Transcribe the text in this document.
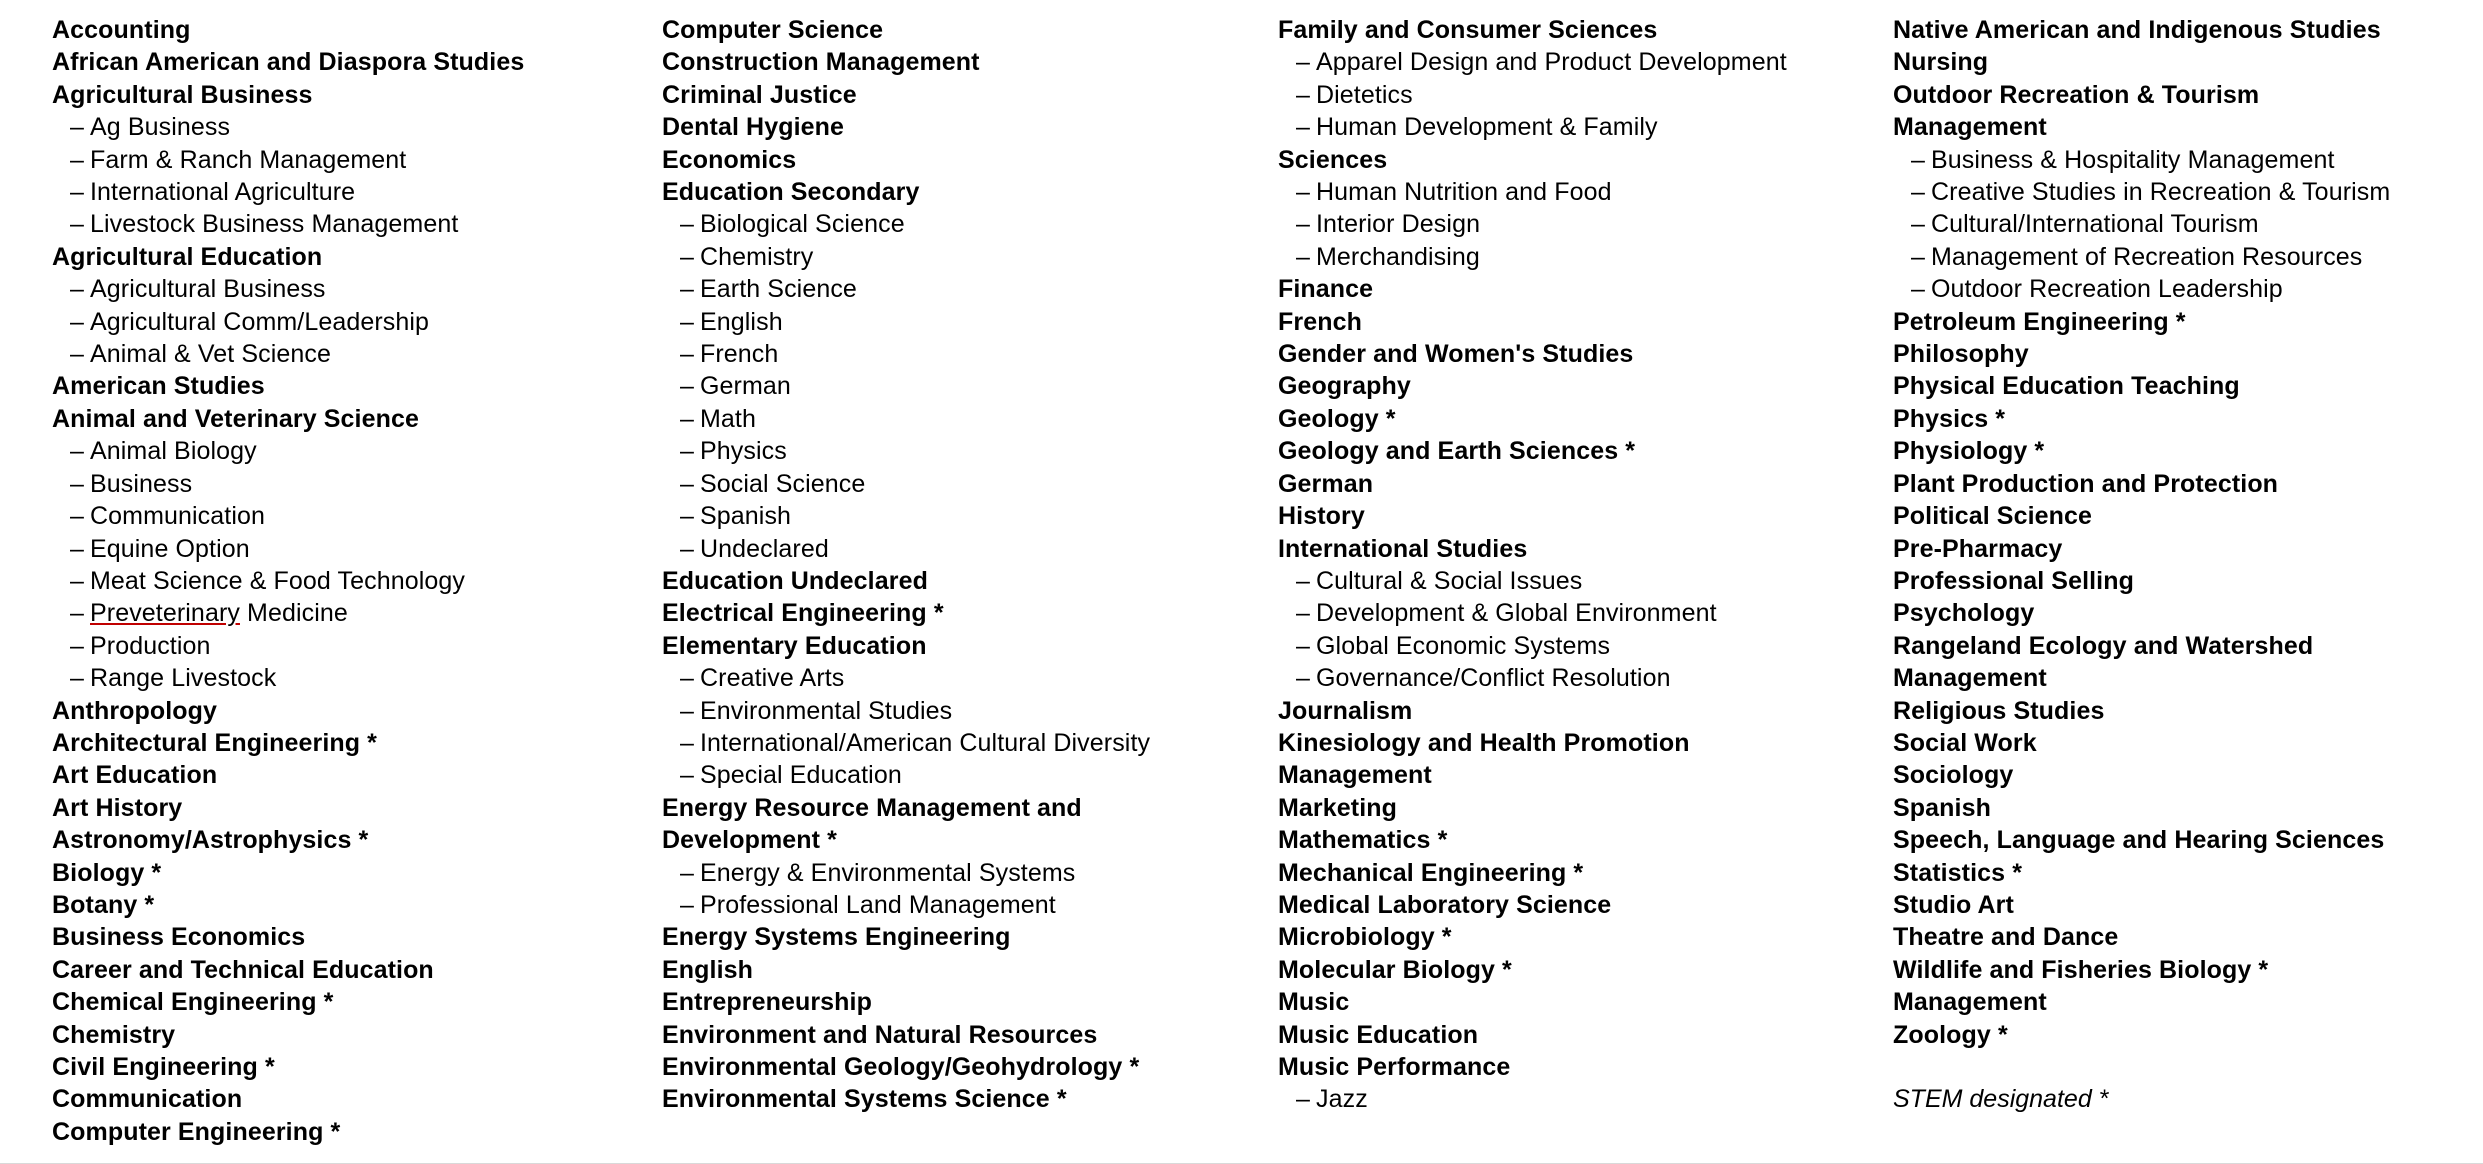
Accounting
African American and Diaspora Studies
Agricultural Business
– Ag Business
– Farm & Ranch Management
– International Agriculture
– Livestock Business Management
Agricultural Education
– Agricultural Business
– Agricultural Comm/Leadership
– Animal & Vet Science
American Studies
Animal and Veterinary Science
– Animal Biology
– Business
– Communication
– Equine Option
– Meat Science & Food Technology
– Preveterinary Medicine
– Production
– Range Livestock
Anthropology
Architectural Engineering *
Art Education
Art History
Astronomy/Astrophysics *
Biology *
Botany *
Business Economics
Career and Technical Education
Chemical Engineering *
Chemistry
Civil Engineering *
Communication
Computer Engineering *
Computer Science
Construction Management
Criminal Justice
Dental Hygiene
Economics
Education Secondary
– Biological Science
– Chemistry
– Earth Science
– English
– French
– German
– Math
– Physics
– Social Science
– Spanish
– Undeclared
Education Undeclared
Electrical Engineering *
Elementary Education
– Creative Arts
– Environmental Studies
– International/American Cultural Diversity
– Special Education
Energy Resource Management and
Development *
– Energy & Environmental Systems
– Professional Land Management
Energy Systems Engineering
English
Entrepreneurship
Environment and Natural Resources
Environmental Geology/Geohydrology *
Environmental Systems Science *
Family and Consumer Sciences
– Apparel Design and Product Development
– Dietetics
– Human Development & Family
Sciences
– Human Nutrition and Food
– Interior Design
– Merchandising
Finance
French
Gender and Women's Studies
Geography
Geology *
Geology and Earth Sciences *
German
History
International Studies
– Cultural & Social Issues
– Development & Global Environment
– Global Economic Systems
– Governance/Conflict Resolution
Journalism
Kinesiology and Health Promotion
Management
Marketing
Mathematics *
Mechanical Engineering *
Medical Laboratory Science
Microbiology *
Molecular Biology *
Music
Music Education
Music Performance
– Jazz
Native American and Indigenous Studies
Nursing
Outdoor Recreation & Tourism
Management
– Business & Hospitality Management
– Creative Studies in Recreation & Tourism
– Cultural/International Tourism
– Management of Recreation Resources
– Outdoor Recreation Leadership
Petroleum Engineering *
Philosophy
Physical Education Teaching
Physics *
Physiology *
Plant Production and Protection
Political Science
Pre-Pharmacy
Professional Selling
Psychology
Rangeland Ecology and Watershed
Management
Religious Studies
Social Work
Sociology
Spanish
Speech, Language and Hearing Sciences
Statistics *
Studio Art
Theatre and Dance
Wildlife and Fisheries Biology *
Management
Zoology *
STEM designated *
